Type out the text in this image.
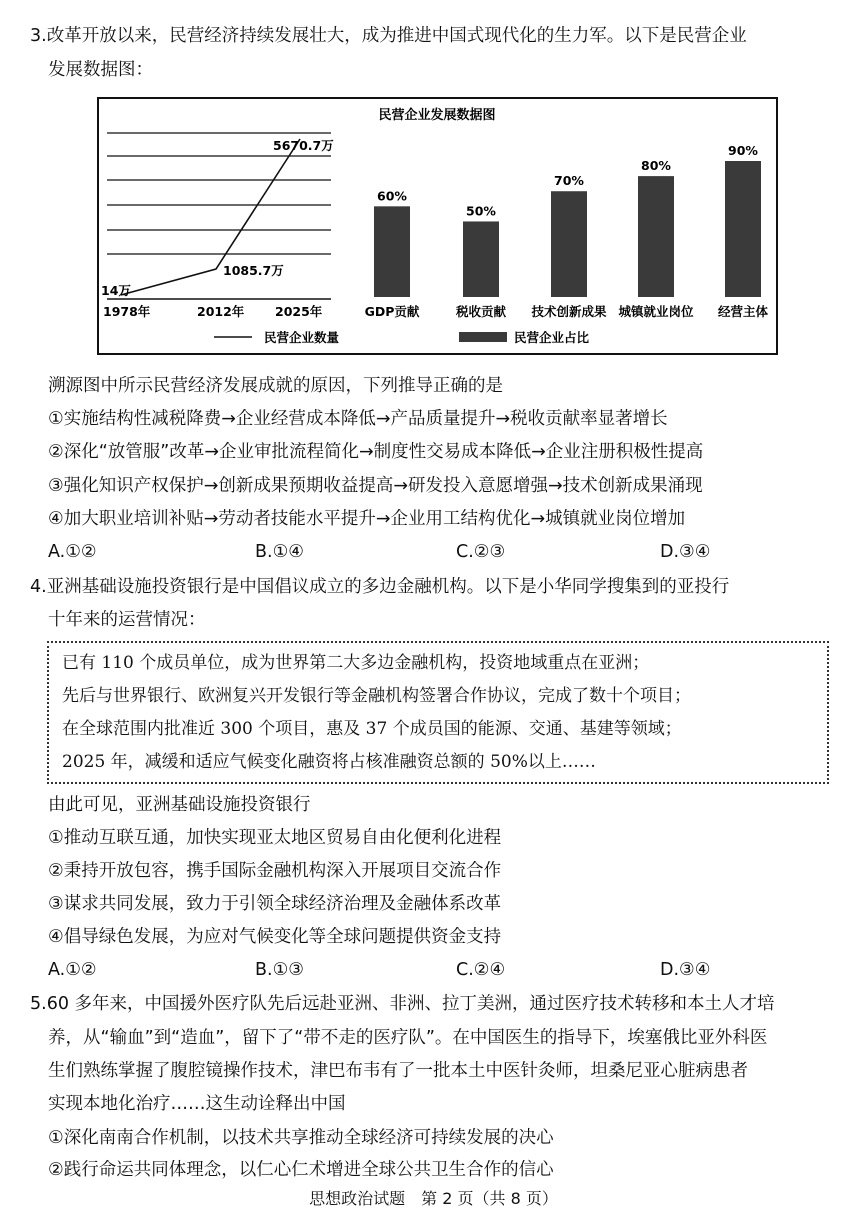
3.改革开放以来，民营经济持续发展壮大，成为推进中国式现代化的生力军。以下是民营企业
发展数据图：
民营企业发展数据图
14万
1085.7万
5670.7万
1978年	2012年 2025年
60%
GDP贡献
50%
税收贡献
70%
技术创新成果
80%
城镇就业岗位
90%
经营主体
民营企业数量	民营企业占比
溯源图中所示民营经济发展成就的原因，下列推导正确的是
①实施结构性减税降费→企业经营成本降低→产品质量提升→税收贡献率显著增长
②深化“放管服”改革→企业审批流程简化→制度性交易成本降低→企业注册积极性提高
③强化知识产权保护→创新成果预期收益提高→研发投入意愿增强→技术创新成果涌现
④加大职业培训补贴→劳动者技能水平提升→企业用工结构优化→城镇就业岗位增加
A.①②	B.①④	C.②③	D.③④
4.亚洲基础设施投资银行是中国倡议成立的多边金融机构。以下是小华同学搜集到的亚投行
十年来的运营情况：
已有 110 个成员单位，成为世界第二大多边金融机构，投资地域重点在亚洲；
先后与世界银行、欧洲复兴开发银行等金融机构签署合作协议，完成了数十个项目；
在全球范围内批准近 300 个项目，惠及 37 个成员国的能源、交通、基建等领域；
2025 年，减缓和适应气候变化融资将占核准融资总额的 50%以上……
由此可见，亚洲基础设施投资银行
①推动互联互通，加快实现亚太地区贸易自由化便利化进程
②秉持开放包容，携手国际金融机构深入开展项目交流合作
③谋求共同发展，致力于引领全球经济治理及金融体系改革
④倡导绿色发展，为应对气候变化等全球问题提供资金支持
A.①②	B.①③	C.②④	D.③④
5.60 多年来，中国援外医疗队先后远赴亚洲、非洲、拉丁美洲，通过医疗技术转移和本土人才培
养，从“输血”到“造血”，留下了“带不走的医疗队”。在中国医生的指导下，埃塞俄比亚外科医
生们熟练掌握了腹腔镜操作技术，津巴布韦有了一批本土中医针灸师，坦桑尼亚心脏病患者
实现本地化治疗……这生动诠释出中国
①深化南南合作机制，以技术共享推动全球经济可持续发展的决心
②践行命运共同体理念，以仁心仁术增进全球公共卫生合作的信心
思想政治试题　第 2 页（共 8 页）
